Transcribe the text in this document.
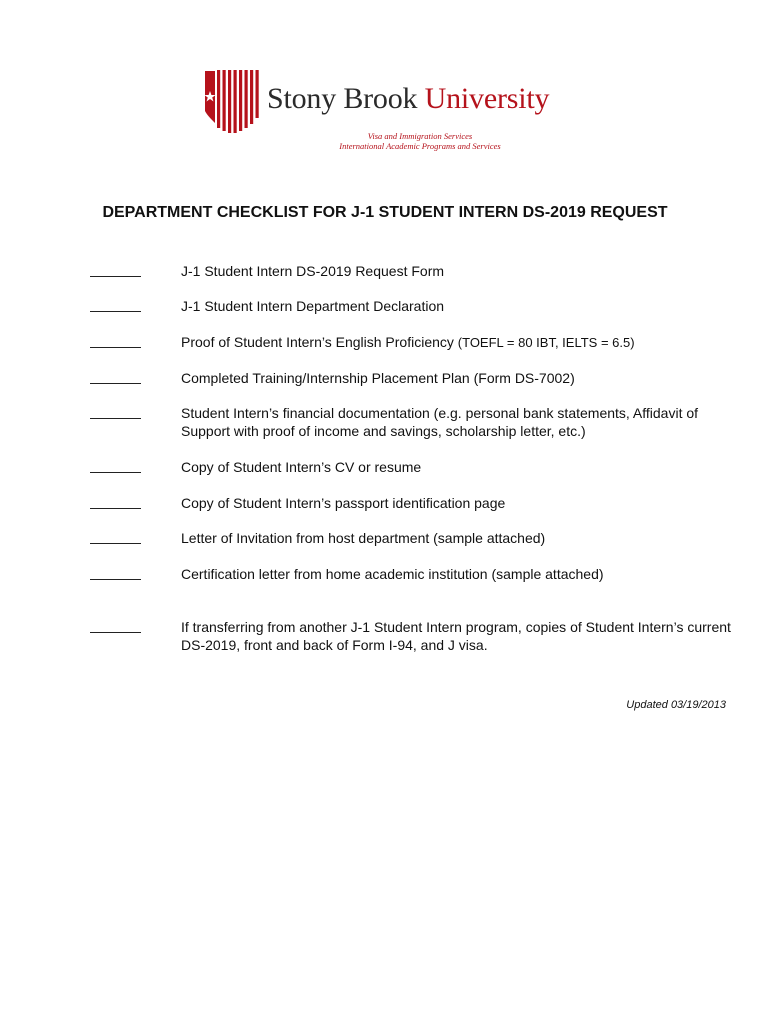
Stony Brook University
Visa and Immigration Services
International Academic Programs and Services
DEPARTMENT CHECKLIST FOR J-1 STUDENT INTERN DS-2019 REQUEST
J-1 Student Intern DS-2019 Request Form
J-1 Student Intern Department Declaration
Proof of Student Intern’s English Proficiency (TOEFL = 80 IBT, IELTS = 6.5)
Completed Training/Internship Placement Plan (Form DS-7002)
Student Intern’s financial documentation (e.g. personal bank statements, Affidavit of Support with proof of income and savings, scholarship letter, etc.)
Copy of Student Intern’s CV or resume
Copy of Student Intern’s passport identification page
Letter of Invitation from host department (sample attached)
Certification letter from home academic institution (sample attached)
If transferring from another J-1 Student Intern program, copies of Student Intern’s current DS-2019, front and back of Form I-94, and J visa.
Updated 03/19/2013
